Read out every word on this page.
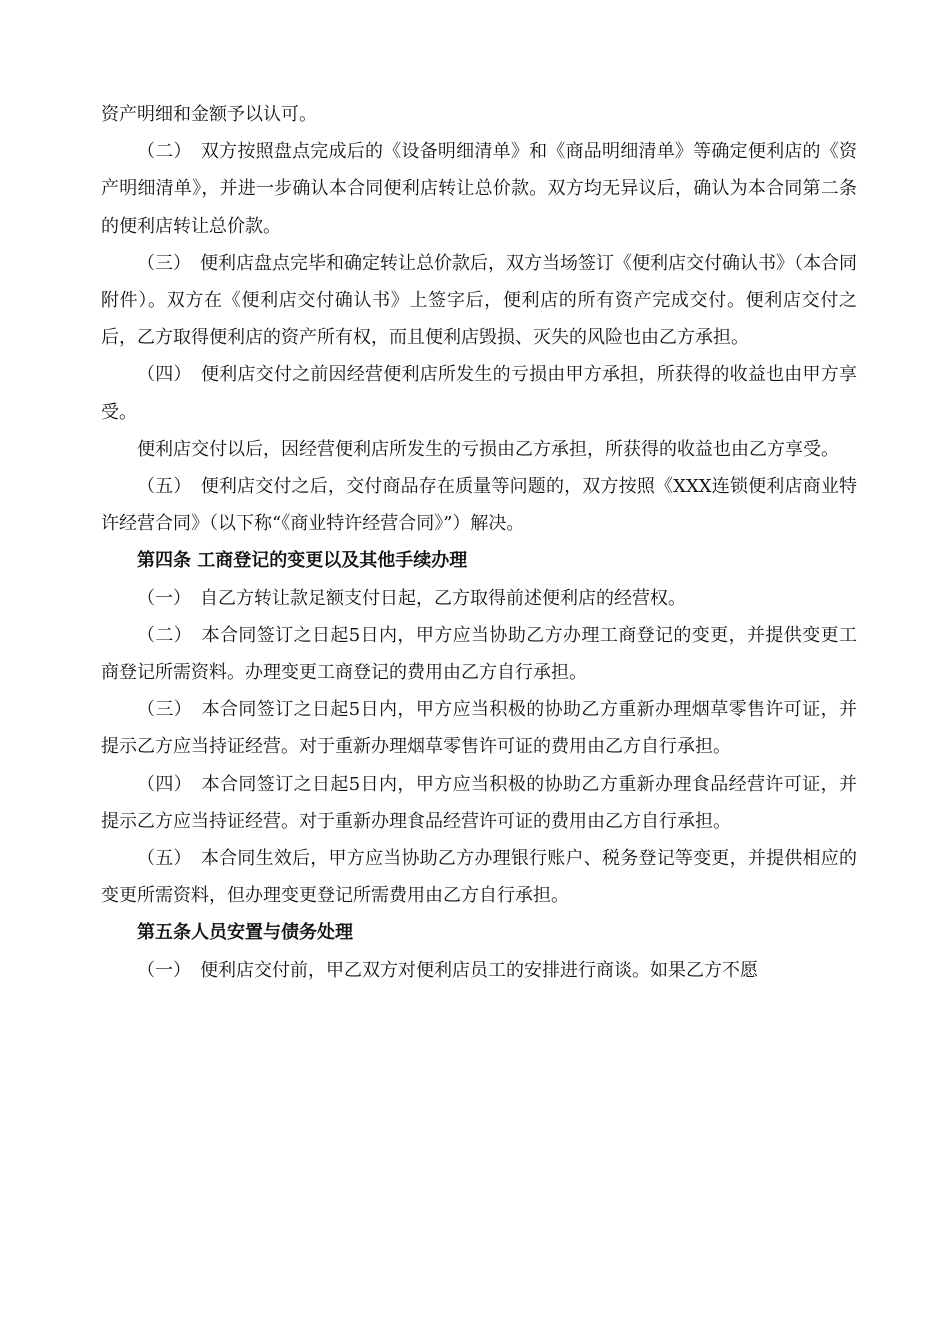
资产明细和金额予以认可。

（二）　双方按照盘点完成后的《设备明细清单》和《商品明细清单》等确定便利店的《资产明细清单》，并进一步确认本合同便利店转让总价款。双方均无异议后，确认为本合同第二条的便利店转让总价款。

（三）　便利店盘点完毕和确定转让总价款后，双方当场签订《便利店交付确认书》（本合同附件）。双方在《便利店交付确认书》上签字后，便利店的所有资产完成交付。便利店交付之后，乙方取得便利店的资产所有权，而且便利店毁损、灭失的风险也由乙方承担。

（四）　便利店交付之前因经营便利店所发生的亏损由甲方承担，所获得的收益也由甲方享受。

便利店交付以后，因经营便利店所发生的亏损由乙方承担，所获得的收益也由乙方享受。

（五）　便利店交付之后，交付商品存在质量等问题的，双方按照《XXX连锁便利店商业特许经营合同》（以下称“《商业特许经营合同》”）解决。

第四条 工商登记的变更以及其他手续办理

（一）　自乙方转让款足额支付日起，乙方取得前述便利店的经营权。

（二）　本合同签订之日起5日内，甲方应当协助乙方办理工商登记的变更，并提供变更工商登记所需资料。办理变更工商登记的费用由乙方自行承担。

（三）　本合同签订之日起5日内，甲方应当积极的协助乙方重新办理烟草零售许可证，并提示乙方应当持证经营。对于重新办理烟草零售许可证的费用由乙方自行承担。

（四）　本合同签订之日起5日内，甲方应当积极的协助乙方重新办理食品经营许可证，并提示乙方应当持证经营。对于重新办理食品经营许可证的费用由乙方自行承担。

（五）　本合同生效后，甲方应当协助乙方办理银行账户、税务登记等变更，并提供相应的变更所需资料，但办理变更登记所需费用由乙方自行承担。

第五条人员安置与债务处理

（一）　便利店交付前，甲乙双方对便利店员工的安排进行商谈。如果乙方不愿
